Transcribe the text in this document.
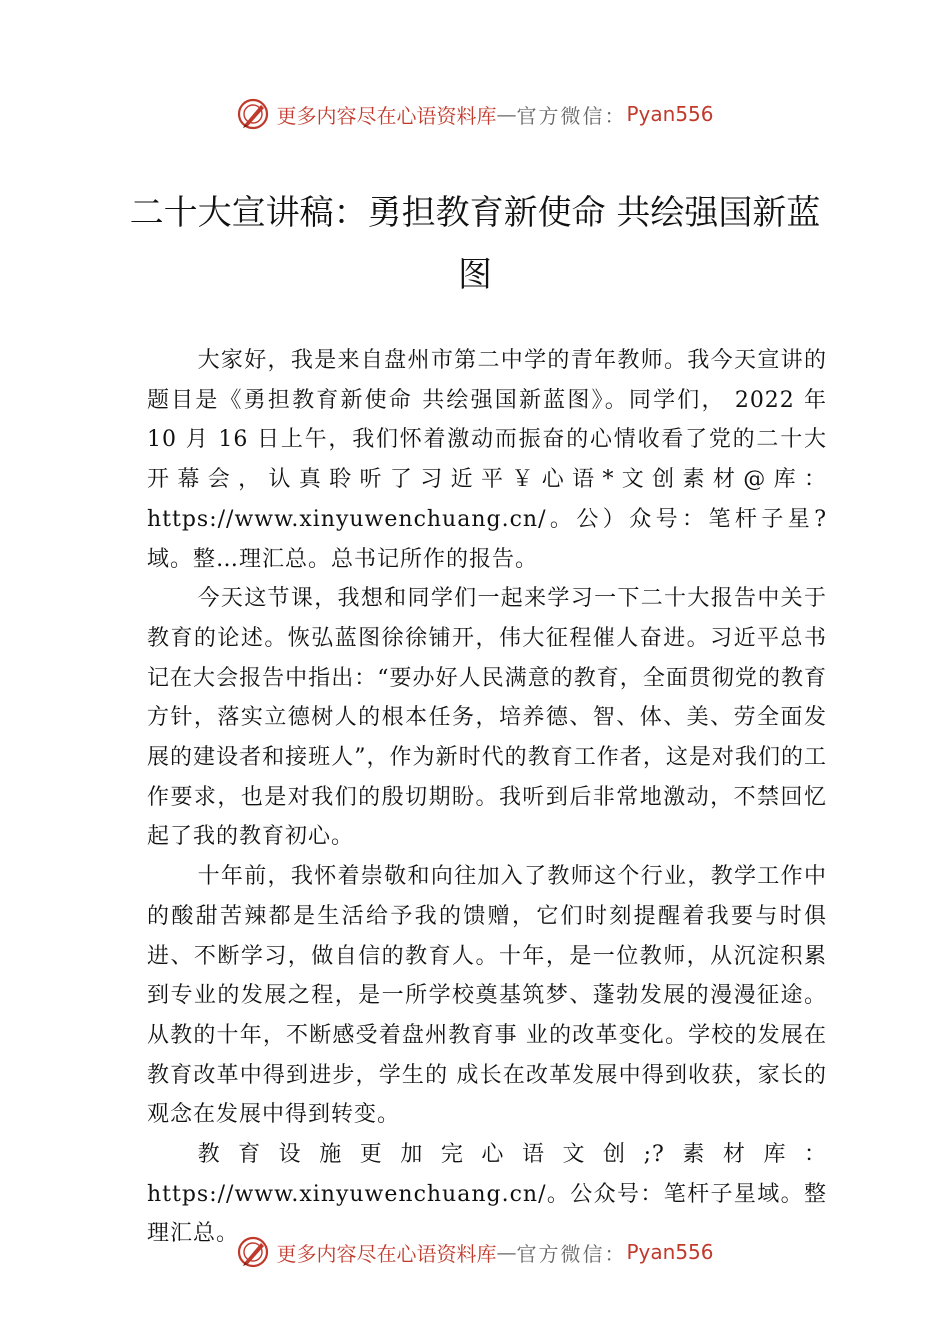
更多内容尽在心语资料库 — 官方微信： Pyan556
二十大宣讲稿：勇担教育新使命 共绘强国新蓝图

大家好，我是来自盘州市第二中学的青年教师。我今天宣讲的题目是《勇担教育新使命 共绘强国新蓝图》。同学们， 2022 年 10 月 16 日上午，我们怀着激动而振奋的心情收看了党的二十大开幕会，认真聆听了习近平￥心语*文创素材@库：https://www.xinyuwenchuang.cn/。公）众号：笔杆子星?域。整…理汇总。总书记所作的报告。

今天这节课，我想和同学们一起来学习一下二十大报告中关于教育的论述。恢弘蓝图徐徐铺开，伟大征程催人奋进。习近平总书记在大会报告中指出：“要办好人民满意的教育，全面贯彻党的教育方针，落实立德树人的根本任务，培养德、智、体、美、劳全面发展的建设者和接班人”，作为新时代的教育工作者，这是对我们的工作要求，也是对我们的殷切期盼。我听到后非常地激动，不禁回忆起了我的教育初心。

十年前，我怀着崇敬和向往加入了教师这个行业，教学工作中的酸甜苦辣都是生活给予我的馈赠，它们时刻提醒着我要与时俱进、不断学习，做自信的教育人。十年，是一位教师，从沉淀积累到专业的发展之程，是一所学校奠基筑梦、蓬勃发展的漫漫征途。从教的十年，不断感受着盘州教育事 业的改革变化。学校的发展在教育改革中得到进步，学生的 成长在改革发展中得到收获，家长的观念在发展中得到转变。

教育设施更加完心语文创;?素材库：https://www.xinyuwenchuang.cn/。公众号：笔杆子星域。整理汇总。

更多内容尽在心语资料库 — 官方微信： Pyan556
